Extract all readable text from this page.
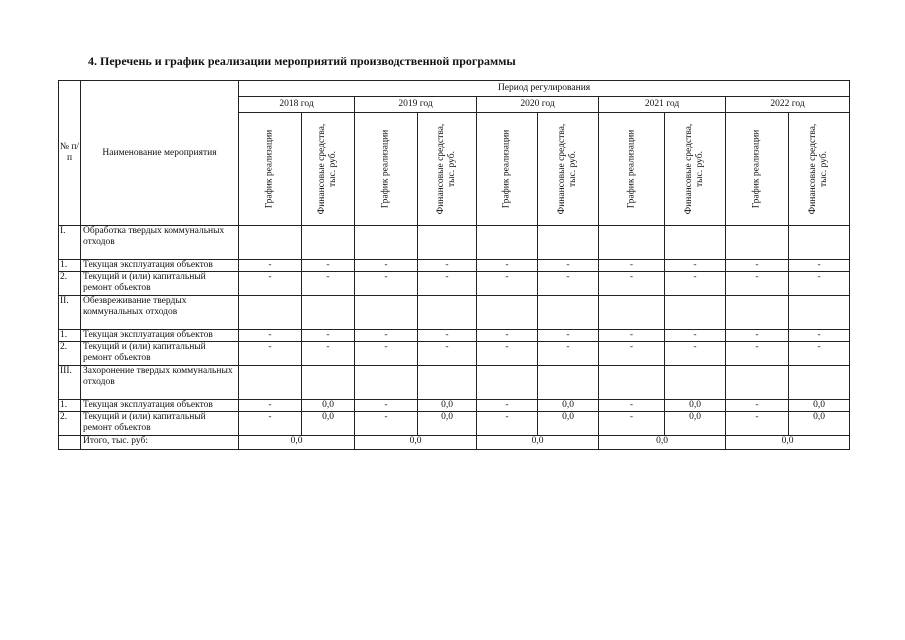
4. Перечень и график реализации мероприятий производственной программы
№ п/п	Наименование мероприятия	Период регулирования									
		2018 год		2019 год		2020 год		2021 год		2022 год	

		График реализации	Финансовые средства, тыс. руб.	График реализации	Финансовые средства, тыс. руб.	График реализации	Финансовые средства, тыс. руб.	График реализации	Финансовые средства, тыс. руб.	График реализации	Финансовые средства, тыс. руб.

I.	Обработка твердых коммунальных отходов										
1.	Текущая эксплуатация объектов	-	-	-	-	-	-	-	-	-	-
2.	Текущий и (или) капитальный ремонт объектов	-	-	-	-	-	-	-	-	-	-
II.	Обезвреживание твердых коммунальных отходов										
1.	Текущая эксплуатация объектов	-	-	-	-	-	-	-	-	-	-
2.	Текущий и (или) капитальный ремонт объектов	-	-	-	-	-	-	-	-	-	-
III.	Захоронение твердых коммунальных отходов										
1.	Текущая эксплуатация объектов	-	0,0	-	0,0	-	0,0	-	0,0	-	0,0
2.	Текущий и (или) капитальный ремонт объектов	-	0,0	-	0,0	-	0,0	-	0,0	-	0,0
	Итого, тыс. руб:	0,0		0,0		0,0		0,0		0,0	
